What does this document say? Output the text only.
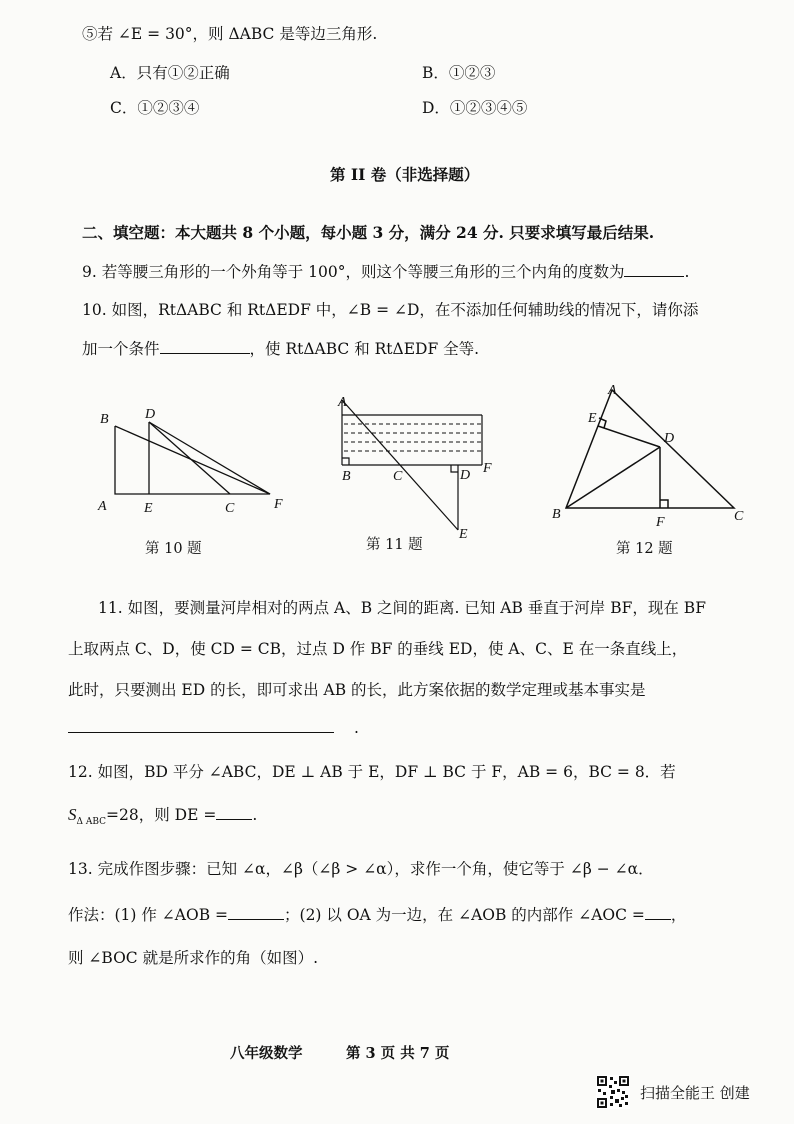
⑤若 ∠E = 30°，则 ΔABC 是等边三角形.
A．只有①②正确	B．①②③
C．①②③④	D．①②③④⑤
第 II 卷（非选择题）
二、填空题：本大题共 8 个小题，每小题 3 分，满分 24 分. 只要求填写最后结果.
9. 若等腰三角形的一个外角等于 100°，则这个等腰三角形的三个内角的度数为	.
10. 如图，RtΔABC 和 RtΔEDF 中，∠B = ∠D，在不添加任何辅助线的情况下，请你添
加一个条件	，使 RtΔABC 和 RtΔEDF 全等.
B	D
A	E	C	F
第 10 题
A
B	C	D F
E
第 11 题
A
E
D
B
F	C
第 12 题
11. 如图，要测量河岸相对的两点 A、B 之间的距离. 已知 AB 垂直于河岸 BF，现在 BF
上取两点 C、D，使 CD = CB，过点 D 作 BF 的垂线 ED，使 A、C、E 在一条直线上，
此时，只要测出 ED 的长，即可求出 AB 的长，此方案依据的数学定理或基本事实是
.
12. 如图，BD 平分 ∠ABC，DE ⊥ AB 于 E，DF ⊥ BC 于 F，AB = 6，BC = 8．若
$S_{\Delta ABC}=28$，则 DE = .
13. 完成作图步骤：已知 ∠α，∠β（∠β > ∠α），求作一个角，使它等于 ∠β − ∠α．
作法：(1) 作 ∠AOB =	；(2) 以 OA 为一边，在 ∠AOB 的内部作 ∠AOC = ，
则 ∠BOC 就是所求作的角（如图）.
八年级数学	第 3 页 共 7 页
扫描全能王 创建
